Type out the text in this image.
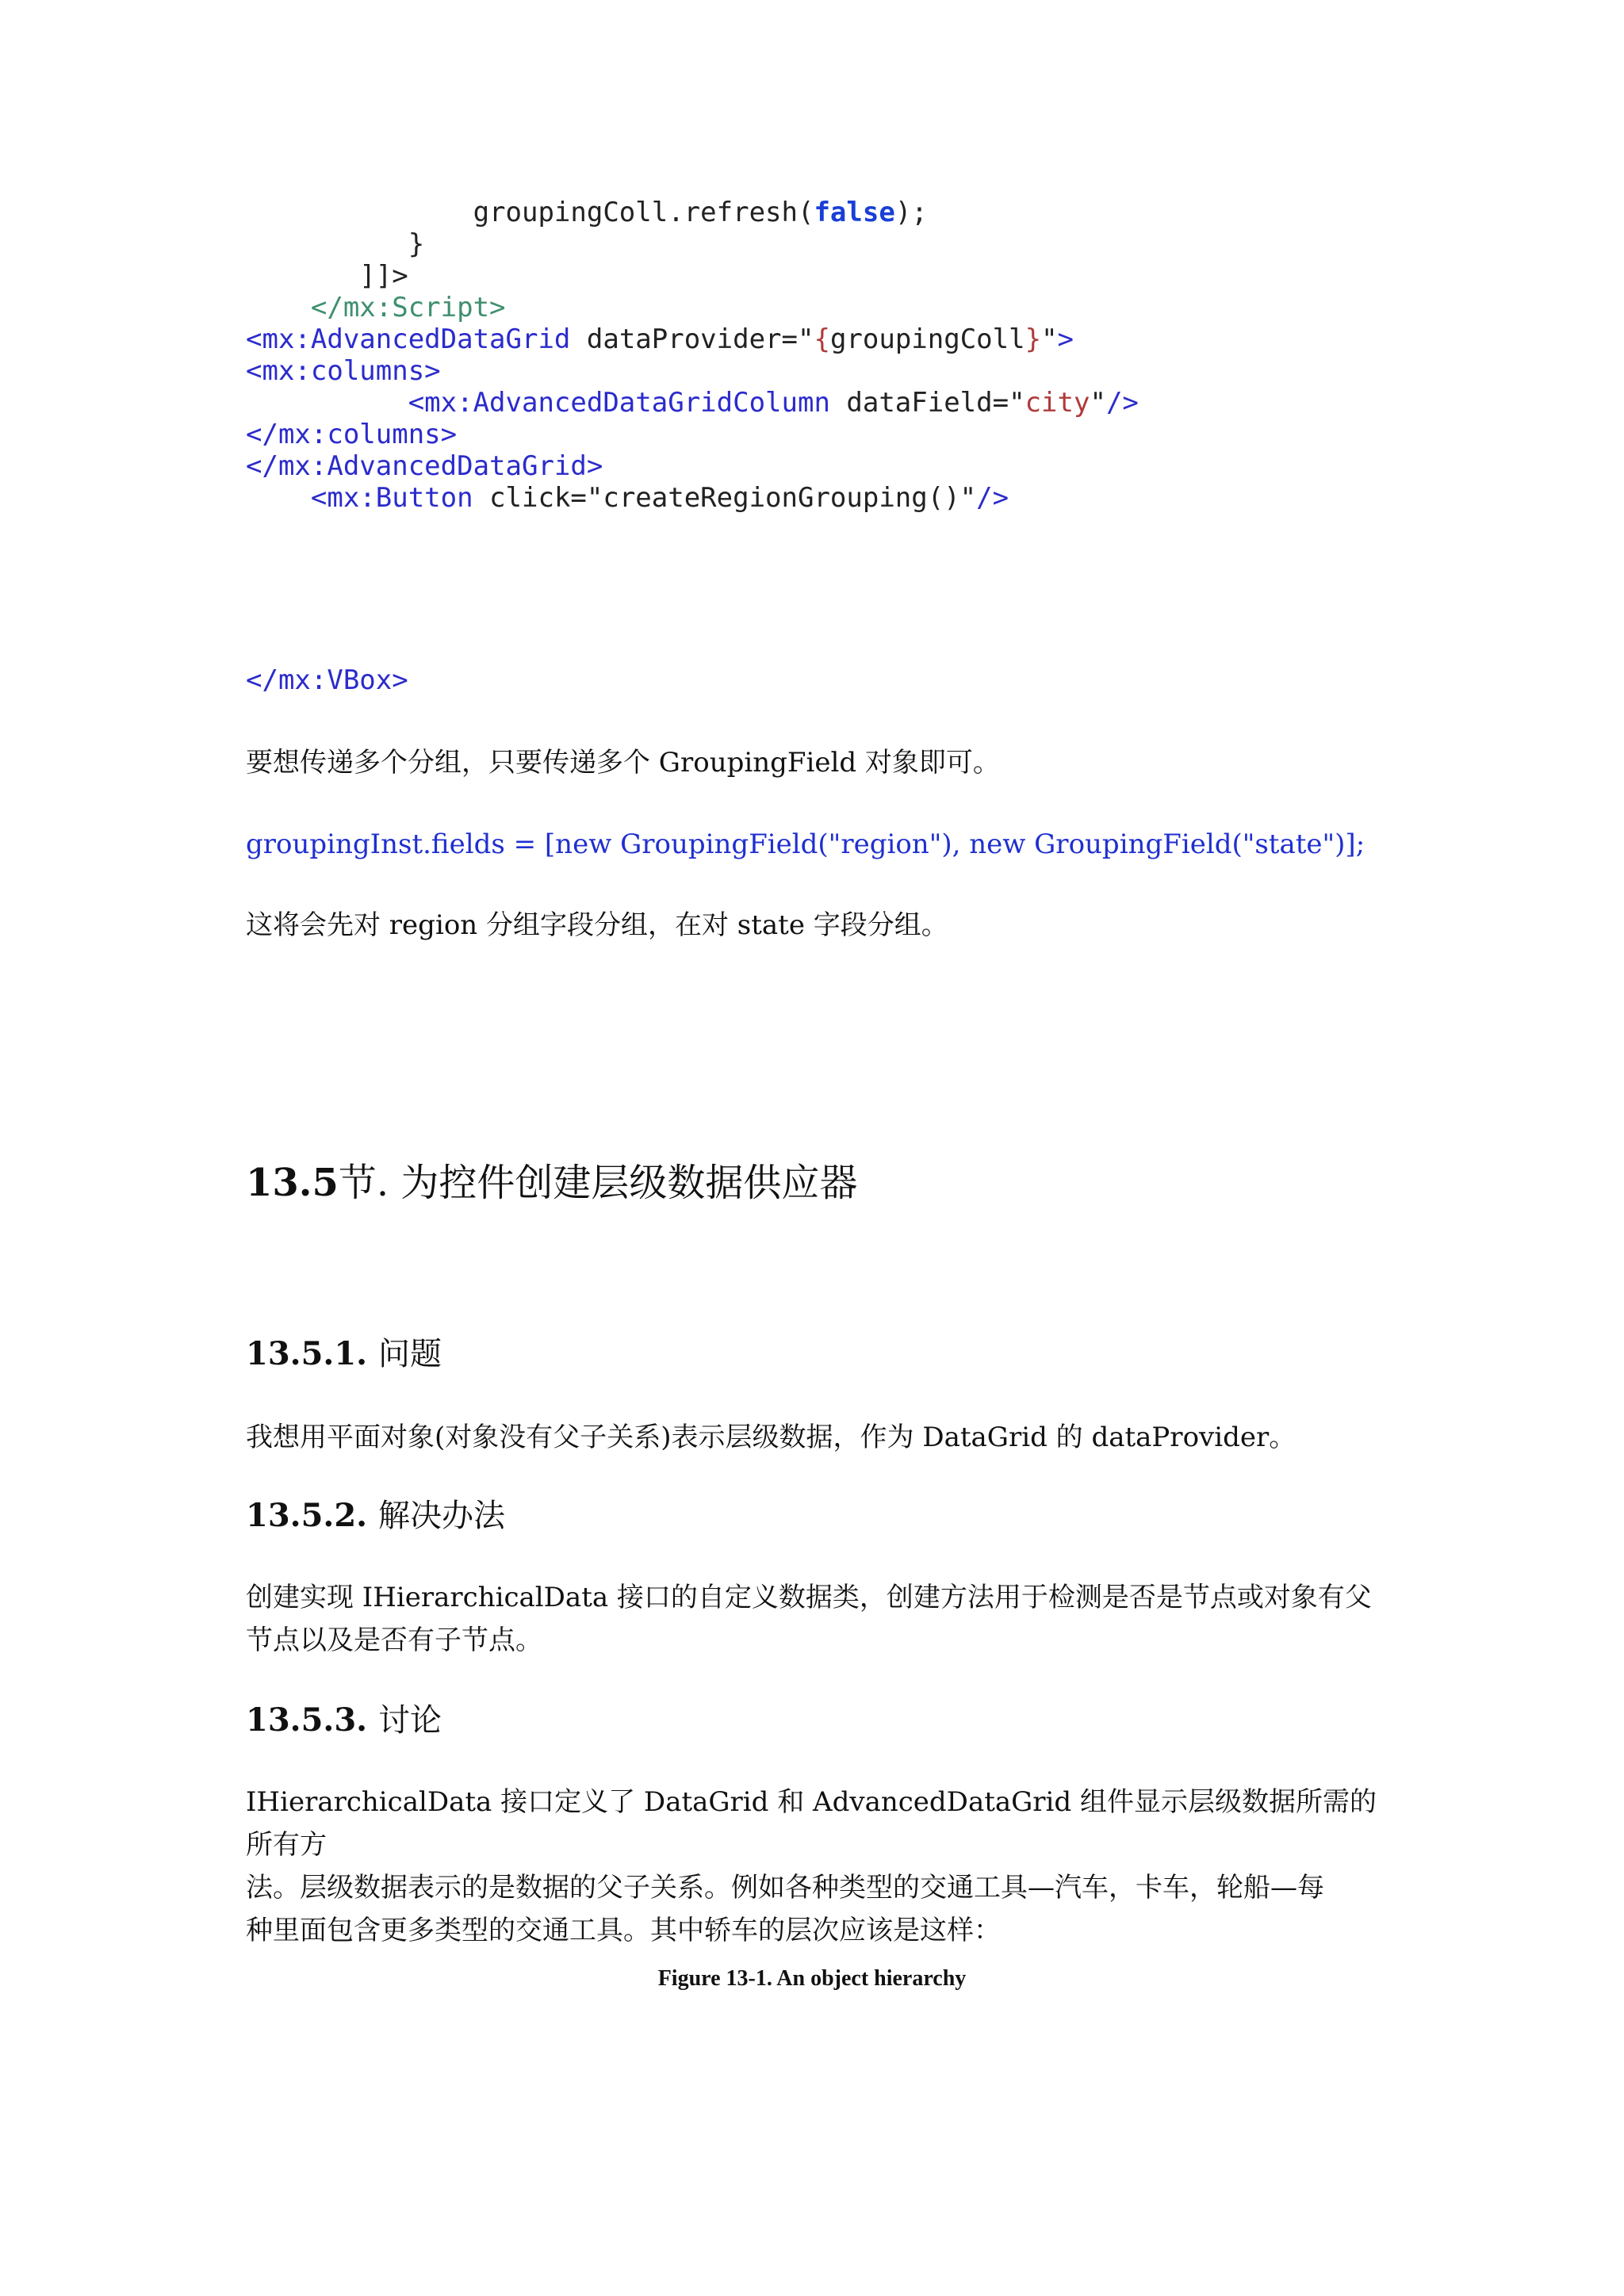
groupingColl.refresh(false);
}
]]>
</mx:Script>
<mx:AdvancedDataGrid dataProvider="{groupingColl}">
<mx:columns>
<mx:AdvancedDataGridColumn dataField="city"/>
</mx:columns>
</mx:AdvancedDataGrid>
<mx:Button click="createRegionGrouping()"/>
</mx:VBox>
要想传递多个分组，只要传递多个 GroupingField 对象即可。
groupingInst.fields = [new GroupingField("region"), new GroupingField("state")];
这将会先对 region 分组字段分组，在对 state 字段分组。
13.5节. 为控件创建层级数据供应器
13.5.1. 问题
我想用平面对象(对象没有父子关系)表示层级数据，作为 DataGrid 的 dataProvider。
13.5.2. 解决办法
创建实现 IHierarchicalData 接口的自定义数据类，创建方法用于检测是否是节点或对象有父
节点以及是否有子节点。
13.5.3. 讨论
IHierarchicalData 接口定义了 DataGrid 和 AdvancedDataGrid 组件显示层级数据所需的所有方
法。层级数据表示的是数据的父子关系。例如各种类型的交通工具—汽车，卡车，轮船—每
种里面包含更多类型的交通工具。其中轿车的层次应该是这样：
Figure 13-1. An object hierarchy
